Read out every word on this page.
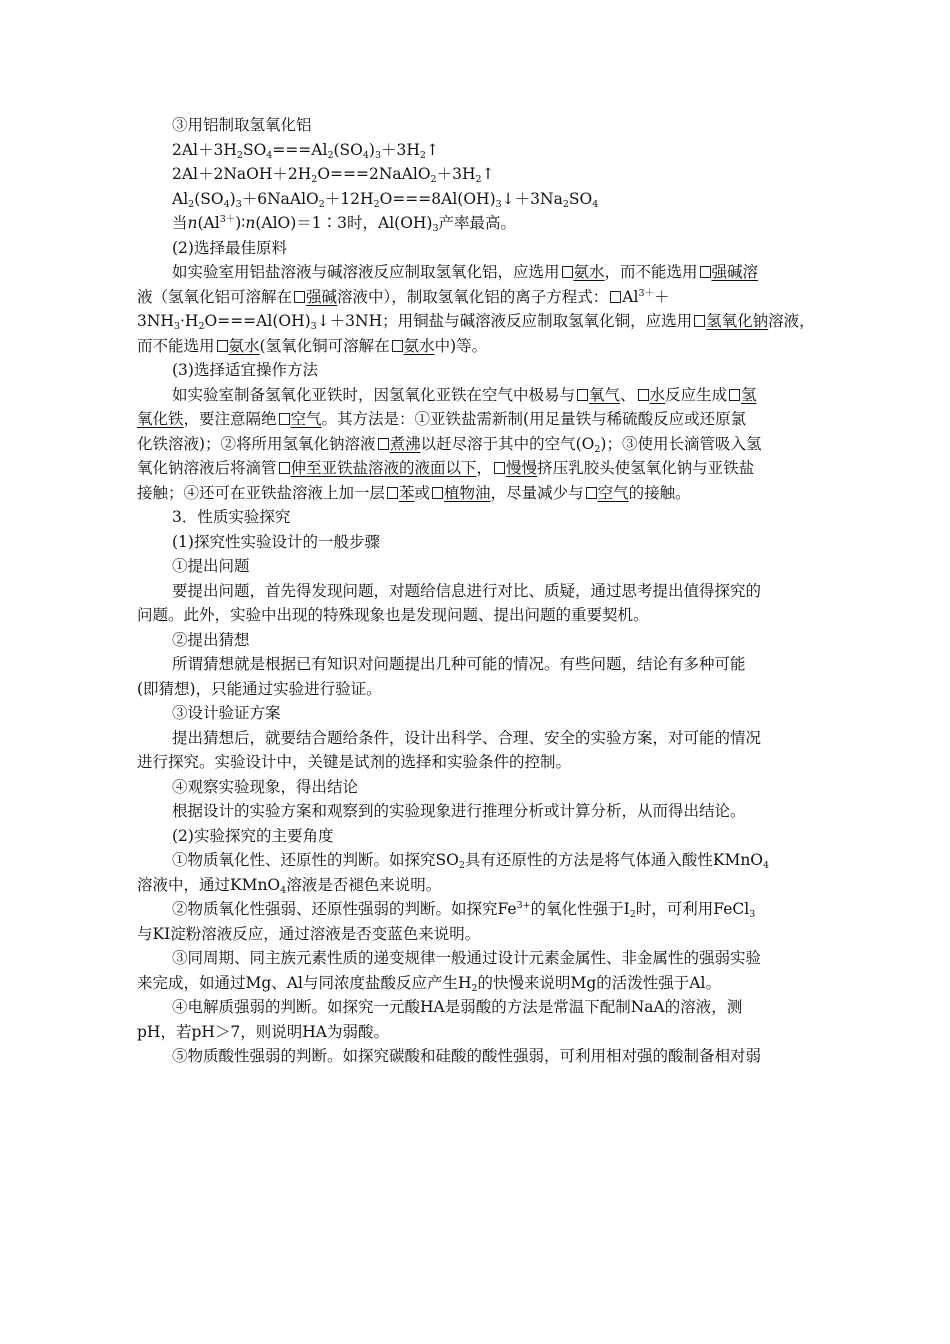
③用铝制取氢氧化铝
$2Al+3H_2SO_4===Al_2(SO_4)_3+3H_2↑$
$2Al+2NaOH+2H_2O===2NaAlO_2+3H_2↑$
$Al_2(SO_4)_3+6NaAlO_2+12H_2O===8Al(OH)_3↓+3Na_2SO_4$
当$n(Al^{3+})∶n(AlO)=1∶3$时，$Al(OH)_3$产率最高。
(2)选择最佳原料
如实验室用铝盐溶液与碱溶液反应制取氢氧化铝，应选用 氨水，而不能选用 强碱溶
液（氢氧化铝可溶解在 强碱溶液中），制取氢氧化铝的离子方程式： $Al^{3+}+$
$3NH_3\cdot H_2O===Al(OH)_3↓+3NH$；用铜盐与碱溶液反应制取氢氧化铜，应选用 氢氧化钠溶液，
而不能选用 氨水(氢氧化铜可溶解在 氨水中)等。
(3)选择适宜操作方法
如实验室制备氢氧化亚铁时，因氢氧化亚铁在空气中极易与 氧气、 水反应生成 氢
氧化铁，要注意隔绝 空气。其方法是：①亚铁盐需新制(用足量铁与稀硫酸反应或还原氯
化铁溶液)；②将所用氢氧化钠溶液 煮沸以赶尽溶于其中的空气$(O_2)$；③使用长滴管吸入氢
氧化钠溶液后将滴管 伸至亚铁盐溶液的液面以下， 慢慢挤压乳胶头使氢氧化钠与亚铁盐
接触；④还可在亚铁盐溶液上加一层 苯或 植物油，尽量减少与 空气的接触。
3．性质实验探究
(1)探究性实验设计的一般步骤
①提出问题
要提出问题，首先得发现问题，对题给信息进行对比、质疑，通过思考提出值得探究的
问题。此外，实验中出现的特殊现象也是发现问题、提出问题的重要契机。
②提出猜想
所谓猜想就是根据已有知识对问题提出几种可能的情况。有些问题，结论有多种可能
(即猜想)，只能通过实验进行验证。
③设计验证方案
提出猜想后，就要结合题给条件，设计出科学、合理、安全的实验方案，对可能的情况
进行探究。实验设计中，关键是试剂的选择和实验条件的控制。
④观察实验现象，得出结论
根据设计的实验方案和观察到的实验现象进行推理分析或计算分析，从而得出结论。
(2)实验探究的主要角度
①物质氧化性、还原性的判断。如探究$SO_2$具有还原性的方法是将气体通入酸性KMnO$_4$
溶液中，通过KMnO$_4$溶液是否褪色来说明。
②物质氧化性强弱、还原性强弱的判断。如探究$Fe^{3+}$的氧化性强于$I_2$时，可利用FeCl$_3$
与KI淀粉溶液反应，通过溶液是否变蓝色来说明。
③同周期、同主族元素性质的递变规律一般通过设计元素金属性、非金属性的强弱实验
来完成，如通过Mg、Al与同浓度盐酸反应产生$H_2$的快慢来说明Mg的活泼性强于Al。
④电解质强弱的判断。如探究一元酸HA是弱酸的方法是常温下配制NaA的溶液，测
pH，若pH＞7，则说明HA为弱酸。
⑤物质酸性强弱的判断。如探究碳酸和硅酸的酸性强弱，可利用相对强的酸制备相对弱
